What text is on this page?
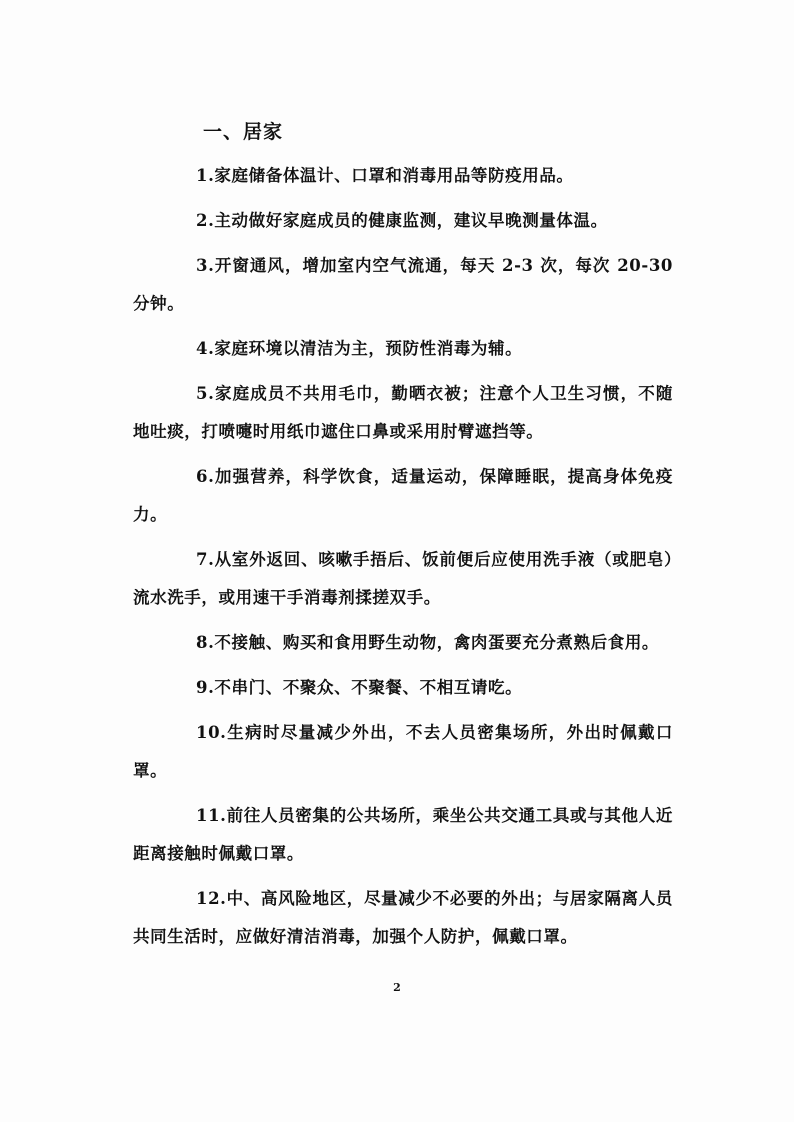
一、居家

1.家庭储备体温计、口罩和消毒用品等防疫用品。

2.主动做好家庭成员的健康监测，建议早晚测量体温。

3.开窗通风，增加室内空气流通，每天 2-3 次，每次 20-30 分钟。

4.家庭环境以清洁为主，预防性消毒为辅。

5.家庭成员不共用毛巾，勤晒衣被；注意个人卫生习惯，不随地吐痰，打喷嚏时用纸巾遮住口鼻或采用肘臂遮挡等。

6.加强营养，科学饮食，适量运动，保障睡眠，提高身体免疫力。

7.从室外返回、咳嗽手捂后、饭前便后应使用洗手液（或肥皂）流水洗手，或用速干手消毒剂揉搓双手。

8.不接触、购买和食用野生动物，禽肉蛋要充分煮熟后食用。

9.不串门、不聚众、不聚餐、不相互请吃。

10.生病时尽量减少外出，不去人员密集场所，外出时佩戴口罩。

11.前往人员密集的公共场所，乘坐公共交通工具或与其他人近距离接触时佩戴口罩。

12.中、高风险地区，尽量减少不必要的外出；与居家隔离人员共同生活时，应做好清洁消毒，加强个人防护，佩戴口罩。

2
